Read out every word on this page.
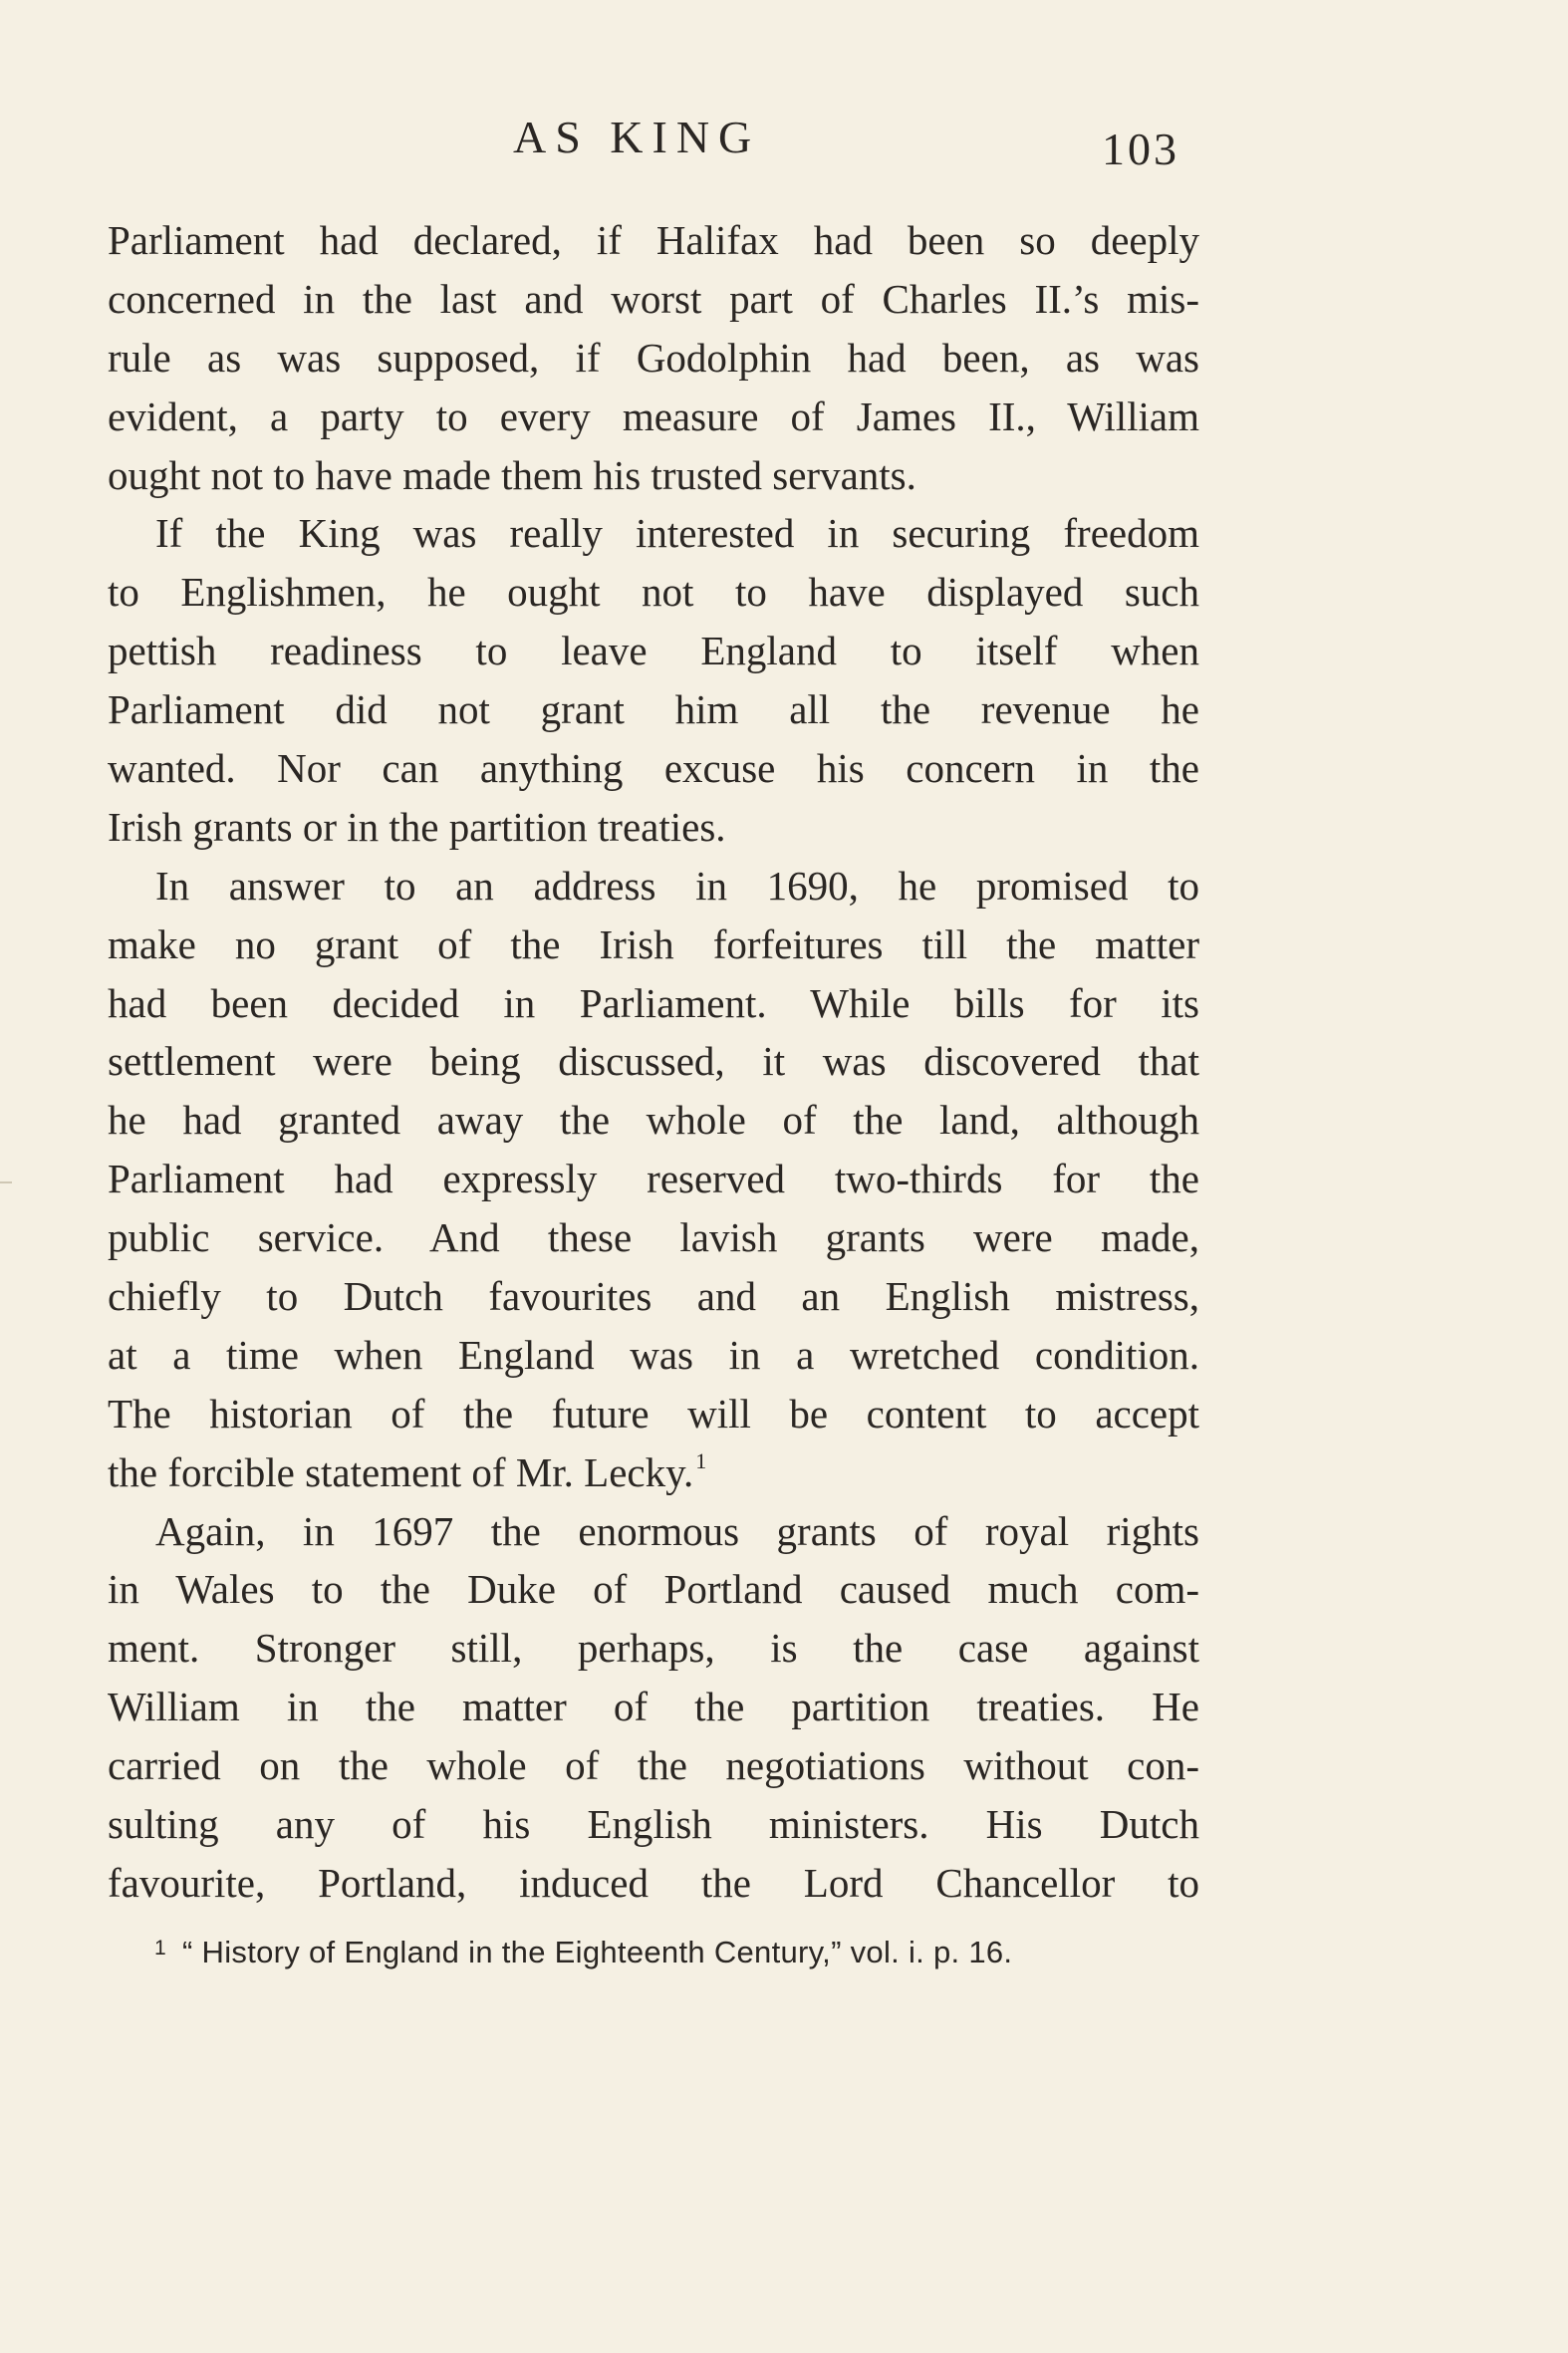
AS KING	103
Parliament had declared, if Halifax had been so deeply
concerned in the last and worst part of Charles II.’s mis-
rule as was supposed, if Godolphin had been, as was
evident, a party to every measure of James II., William
ought not to have made them his trusted servants.
If the King was really interested in securing freedom
to Englishmen, he ought not to have displayed such
pettish readiness to leave England to itself when
Parliament did not grant him all the revenue he
wanted. Nor can anything excuse his concern in the
Irish grants or in the partition treaties.
In answer to an address in 1690, he promised to
make no grant of the Irish forfeitures till the matter
had been decided in Parliament. While bills for its
settlement were being discussed, it was discovered that
he had granted away the whole of the land, although
Parliament had expressly reserved two-thirds for the
public service. And these lavish grants were made,
chiefly to Dutch favourites and an English mistress,
at a time when England was in a wretched condition.
The historian of the future will be content to accept
the forcible statement of Mr. Lecky.$^1$
Again, in 1697 the enormous grants of royal rights
in Wales to the Duke of Portland caused much com-
ment. Stronger still, perhaps, is the case against
William in the matter of the partition treaties. He
carried on the whole of the negotiations without con-
sulting any of his English ministers. His Dutch
favourite, Portland, induced the Lord Chancellor to
$^1$ “ History of England in the Eighteenth Century,” vol. i. p. 16.
